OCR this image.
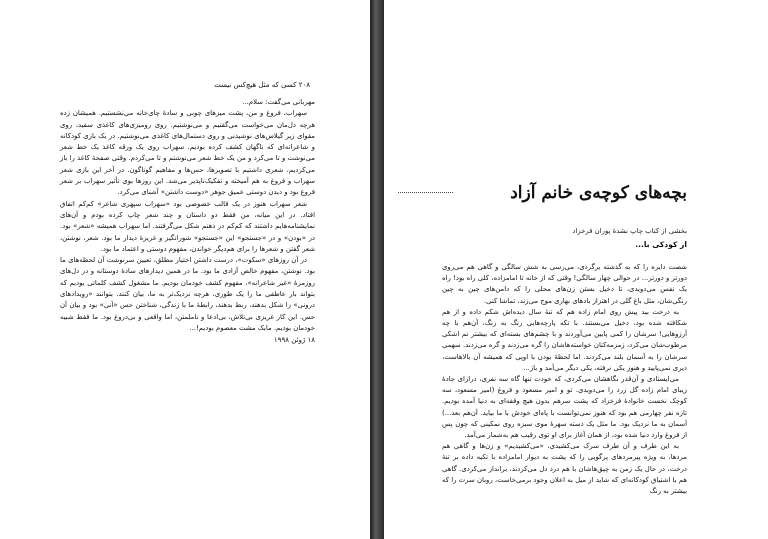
۲۰۸ کسی که مثل هیچ‌کس نیست

مهربانی می‌گفت: سلام...

سهراب، فروغ و من، پشت میزهای چوبی و سادهٔ چای‌خانه می‌نشستیم. همیشان زده هرچه دل‌مان می‌خواست می‌گفتیم و می‌نوشتیم. روی رومیزی‌های کاغذی سفید، روی مقوای زیر گیلاس‌های نوشیدنی و روی دستمال‌های کاغذی می‌نوشتیم. در یک بازی کودکانه و شاعرانه‌ای که ناگهان کشف کرده بودیم. سهراب روی یک ورقه کاغذ یک خط شعر می‌نوشت و تا می‌کرد و من یک خط شعر می‌نوشتم و تا می‌کردم. وقتی صفحهٔ کاغذ را باز می‌کردیم، شعری داشتیم با تصویرها، حس‌ها و مفاهیم گوناگون. در آخر این بازی شعر سهراب و فروغ به هم آمیخته و تفکیک‌ناپذیر می‌شد. این روزها بوی تأثیر سهراب بر شعر فروغ بود و دیدن دوستی عمیق جوهر «دوست داشتن» آشنای می‌کرد.

شعر سهراب هنوز در یک قالب خصوصی بود «سهراب سپهری شاعر» کم‌کم اتفاق افتاد. در این میانه، من فقط دو داستان و چند شعر چاپ کرده بودم و آن‌های نمایشنامه‌هایم داشتند که کم‌کم در ذهنم شکل می‌گرفتند. اما سهراب همیشه «شعر» بود. در «بودن» و در «جستجو» این «جستجو» شورانگیز و غریزهٔ دیدار ما بود. شعر، نوشتن، شعر گفتن و شعرها را برای هم‌دیگر خواندن، مفهوم دوستی و اعتماد ما بود.

در آن روزهای «سکوت»، درست داشتن اختیار مطلق، تعیین سرنوشت آن لحظه‌های ما بود. نوشتن، مفهوم خالص آزادی ما بود. ما در همین دیدارهای سادهٔ دوستانه و در دل‌های روزمرهٔ «غیر شاعرانه»، مفهوم کشف خودمان بودیم. ما مشغول کشف کلماتی بودیم که بتواند بار عاطفی ما را یک طوری، هرچه نزدیک‌تر به ما، بیان کنند. بتوانند «رویدادهای درونی» را شکل بدهند، ربط بدهند، رابطهٔ ما با زندگی، شناختن حس «آنی» بود و بیان آن حس. این کار غریزی بی‌تلاش، بی‌ادعا و ناملمتن، اما واقعی و بی‌دروغ بود. ما فقط شبیه خودمان بودیم. مایک مشت معصوم بودیم!...

۱۸ ژوئن ۱۹۹۸
بچه‌های کوچه‌ی خانم آزاد
بخشی از کتاب چاپ نشدهٔ پوران فرخزاد
از کودکی با...

شصت دایره را که به گذشته برگردی، می‌رسی به شش سالگی و گاهی هم می‌روی دورتر و دورتر... در حوالی چهار سالگی! وقتی که از خانه تا امامزاده، کلی راه بود! راه یک نفس می‌دویدی، تا دخیل بستن زن‌های محلی را که دامن‌های چین به چین رنگی‌شان، مثل باغ گلی در اهتزاز بادهای بهاری موج می‌زند، تماشا کنی.

به درخت بید پیش روی امام زاده هم که تنهٔ سال دیده‌اش شکم داده و از هم شکافته شده بود، دخیل می‌بستند. با تکه پارچه‌هایی رنگ به رنگ، آن‌هم با چه آرزوهایی! سرشان را کمی پایین می‌آوردند و با چشم‌های بسته‌ای که بیشتر نم اشکی مرطوب‌شان می‌کرد، زمزمه‌کنان خواسته‌هاشان را گره می‌زدند و گره می‌زدند. سهمی سرشان را به آسمان بلند می‌کردند. اما لحظهٔ بودن با اوپی که همیشه آن بالاهاست، دیری نمی‌پایید و هنوز یکی نرفته، یکی دیگر می‌آمد و باز...

می‌ایستادی و آن‌قدر نگاهشان می‌کردی، که خودت تنها گاه سه نفری، درازای جادهٔ زیبای امام زاده گل زرد را می‌دویدی. تو و امیر مسعود و فروغ (امیر مسعود، سه کوچک نخست خانوادهٔ فرخزاد که پشت سرهم بدون هیچ وقفه‌ای به دنیا آمده بودیم. تازه نفر چهارمی هم بود که هنوز نمی‌توانست با پاه‌ای خودش با ما بیاید. آن‌هم بعد...) آسمان به ما نزدیک بود. ما مثل یک دسته سهرهٔ موی سبزه روی نمکینی که چون پس از فروغ وارد دنیا شده بود، از همان آغاز برای او توی رقیب هم به‌شمار می‌آمد.

به این طرف و آن طرف سرک می‌کشیدی، «می‌کشیدیم» و زن‌ها و گاهی هم مردها، به ویژه پیرمردهای پرگویی را که پشت به دیوار امامزاده با تکیه داده بر تنهٔ درخت، در حال یک زمن به چپق‌هاشان با هم درد دل می‌کردند، برانداز می‌کردی. گاهی هم با اشتیاق کودکانه‌ای که شاید از میل به اعلان وجود برمی‌خاست، روبان سرت را که بیشتر به رنگ
